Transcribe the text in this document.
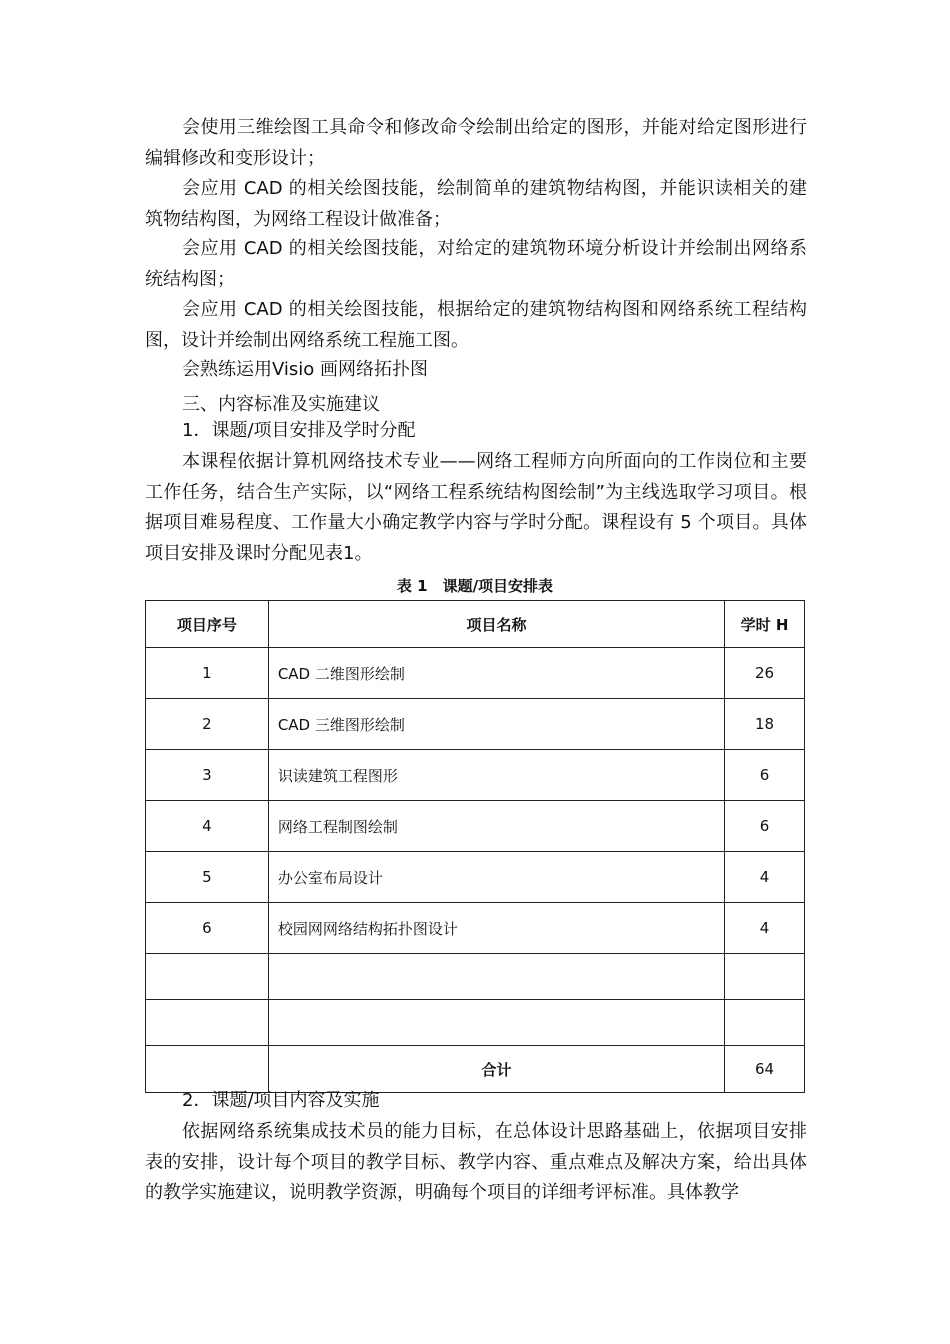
会使用三维绘图工具命令和修改命令绘制出给定的图形，并能对给定图形进行编辑修改和变形设计；

会应用 CAD 的相关绘图技能，绘制简单的建筑物结构图，并能识读相关的建筑物结构图，为网络工程设计做准备；

会应用 CAD 的相关绘图技能，对给定的建筑物环境分析设计并绘制出网络系统结构图；

会应用 CAD 的相关绘图技能，根据给定的建筑物结构图和网络系统工程结构图，设计并绘制出网络系统工程施工图。

会熟练运用Visio 画网络拓扑图

三、内容标准及实施建议

1．课题/项目安排及学时分配

本课程依据计算机网络技术专业——网络工程师方向所面向的工作岗位和主要工作任务，结合生产实际，以“网络工程系统结构图绘制”为主线选取学习项目。根据项目难易程度、工作量大小确定教学内容与学时分配。课程设有 5 个项目。具体项目安排及课时分配见表1。

表 1　课题/项目安排表
项目序号	项目名称	学时 H
1	CAD 二维图形绘制	26
2	CAD 三维图形绘制	18
3	识读建筑工程图形	6
4	网络工程制图绘制	6
5	办公室布局设计	4
6	校园网网络结构拓扑图设计	4

	合计	64

2．课题/项目内容及实施

依据网络系统集成技术员的能力目标，在总体设计思路基础上，依据项目安排表的安排，设计每个项目的教学目标、教学内容、重点难点及解决方案，给出具体的教学实施建议，说明教学资源，明确每个项目的详细考评标准。具体教学
